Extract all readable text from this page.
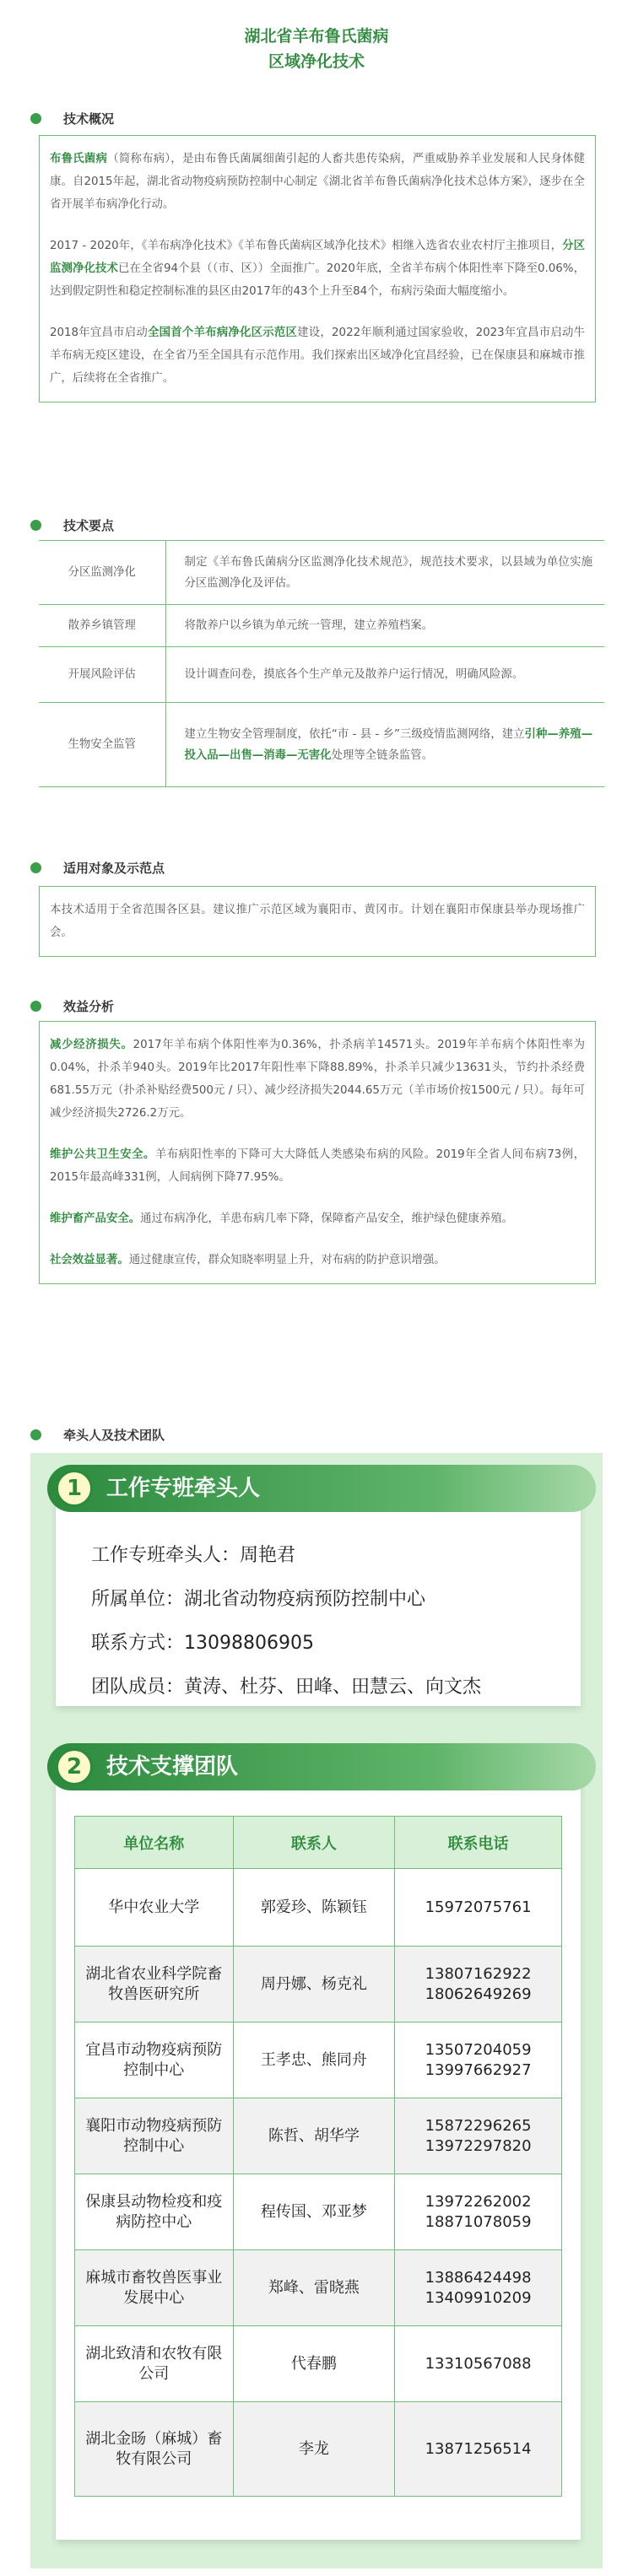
湖北省羊布鲁氏菌病
区域净化技术
技术概况

布鲁氏菌病（简称布病），是由布鲁氏菌属细菌引起的人畜共患传染病，严重威胁养羊业发展和人民身体健康。自2015年起，湖北省动物疫病预防控制中心制定《湖北省羊布鲁氏菌病净化技术总体方案》，逐步在全省开展羊布病净化行动。

2017 - 2020年，《羊布病净化技术》《羊布鲁氏菌病区域净化技术》相继入选省农业农村厅主推项目，分区监测净化技术已在全省94个县（（市、区））全面推广。2020年底，全省羊布病个体阳性率下降至0.06%，达到假定阴性和稳定控制标准的县区由2017年的43个上升至84个，布病污染面大幅度缩小。

2018年宜昌市启动全国首个羊布病净化区示范区建设，2022年顺利通过国家验收，2023年宜昌市启动牛羊布病无疫区建设，在全省乃至全国具有示范作用。我们探索出区域净化宜昌经验，已在保康县和麻城市推广，后续将在全省推广。

技术要点
分区监测净化	制定《羊布鲁氏菌病分区监测净化技术规范》，规范技术要求，以县域为单位实施分区监测净化及评估。
散养乡镇管理	将散养户以乡镇为单元统一管理，建立养殖档案。
开展风险评估	设计调查问卷，摸底各个生产单元及散养户运行情况，明确风险源。
生物安全监管	建立生物安全管理制度，依托“市 - 县 - 乡”三级疫情监测网络，建立引种—养殖—投入品—出售—消毒—无害化处理等全链条监管。
适用对象及示范点

本技术适用于全省范围各区县。建议推广示范区域为襄阳市、黄冈市。计划在襄阳市保康县举办现场推广会。

效益分析

减少经济损失。2017年羊布病个体阳性率为0.36%，扑杀病羊14571头。2019年羊布病个体阳性率为0.04%，扑杀羊940头。2019年比2017年阳性率下降88.89%，扑杀羊只减少13631头，节约扑杀经费681.55万元（扑杀补贴经费500元 / 只）、减少经济损失2044.65万元（羊市场价按1500元 / 只）。每年可减少经济损失2726.2万元。

维护公共卫生安全。羊布病阳性率的下降可大大降低人类感染布病的风险。2019年全省人间布病73例，2015年最高峰331例，人间病例下降77.95%。

维护畜产品安全。通过布病净化，羊患布病几率下降，保障畜产品安全，维护绿色健康养殖。

社会效益显著。通过健康宣传，群众知晓率明显上升，对布病的防护意识增强。

牵头人及技术团队
1	工作专班牵头人
工作专班牵头人：周艳君
所属单位：湖北省动物疫病预防控制中心
联系方式：13098806905
团队成员：黄涛、杜芬、田峰、田慧云、向文杰
2	技术支撑团队
单位名称	联系人	联系电话
华中农业大学	郭爱珍、陈颖钰	15972075761

湖北省农业科学院畜牧兽医研究所	周丹娜、杨克礼	13807162922
18062649269

宜昌市动物疫病预防控制中心	王孝忠、熊同舟	13507204059
13997662927

襄阳市动物疫病预防控制中心	陈哲、胡华学	15872296265
13972297820

保康县动物检疫和疫病防控中心	程传国、邓亚梦	13972262002
18871078059

麻城市畜牧兽医事业发展中心	郑峰、雷晓燕	13886424498
13409910209

湖北致清和农牧有限公司	代春鹏	13310567088

湖北金旸（麻城）畜牧有限公司	李龙	13871256514
